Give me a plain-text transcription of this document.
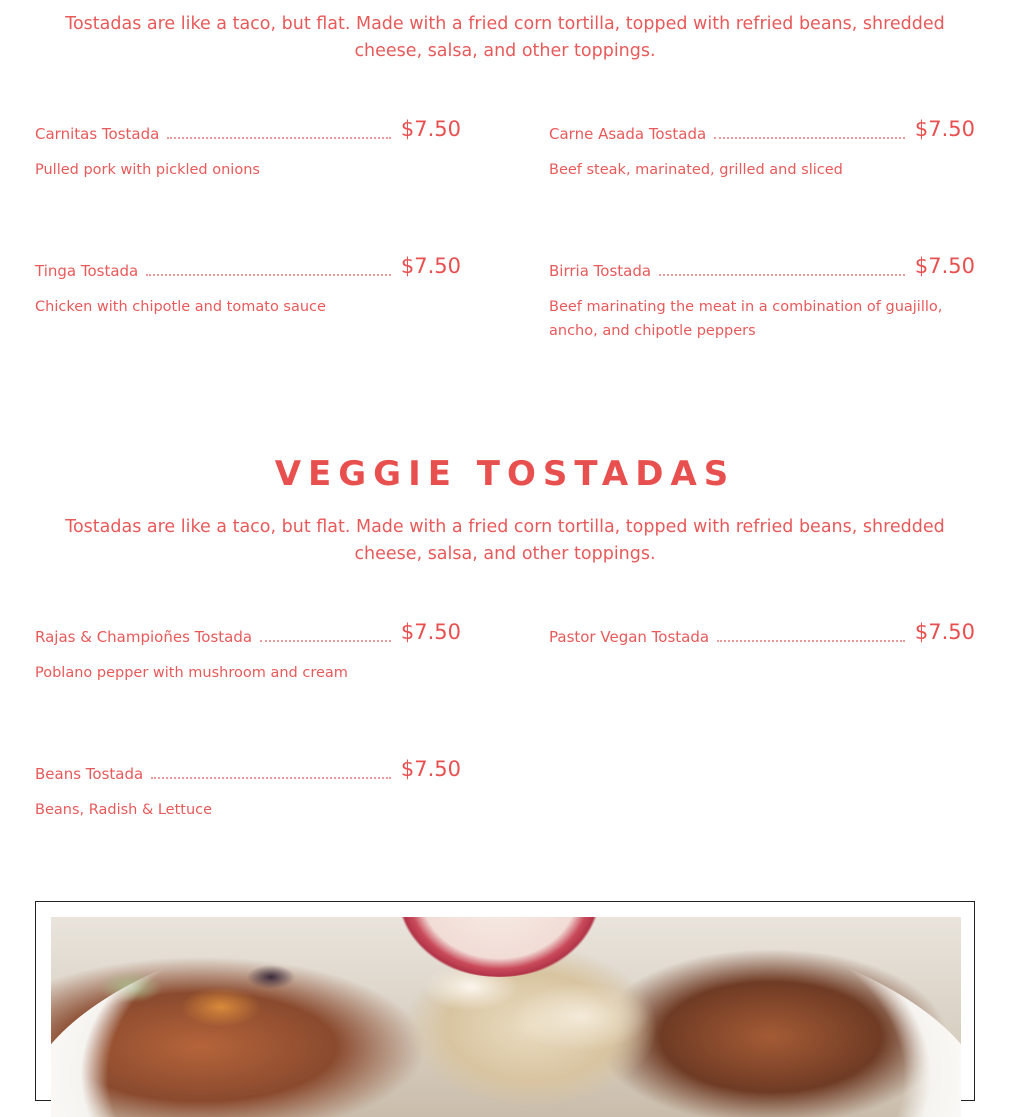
Tostadas are like a taco, but flat. Made with a fried corn tortilla, topped with refried beans, shredded cheese, salsa, and other toppings.
Carnitas Tostada	$7.50
Pulled pork with pickled onions
Carne Asada Tostada	$7.50
Beef steak, marinated, grilled and sliced
Tinga Tostada	$7.50
Chicken with chipotle and tomato sauce
Birria Tostada	$7.50
Beef marinating the meat in a combination of guajillo, ancho, and chipotle peppers
VEGGIE TOSTADAS
Tostadas are like a taco, but flat. Made with a fried corn tortilla, topped with refried beans, shredded cheese, salsa, and other toppings.
Rajas & Champioñes Tostada	$7.50
Poblano pepper with mushroom and cream
Pastor Vegan Tostada	$7.50
Beans Tostada	$7.50
Beans, Radish & Lettuce
